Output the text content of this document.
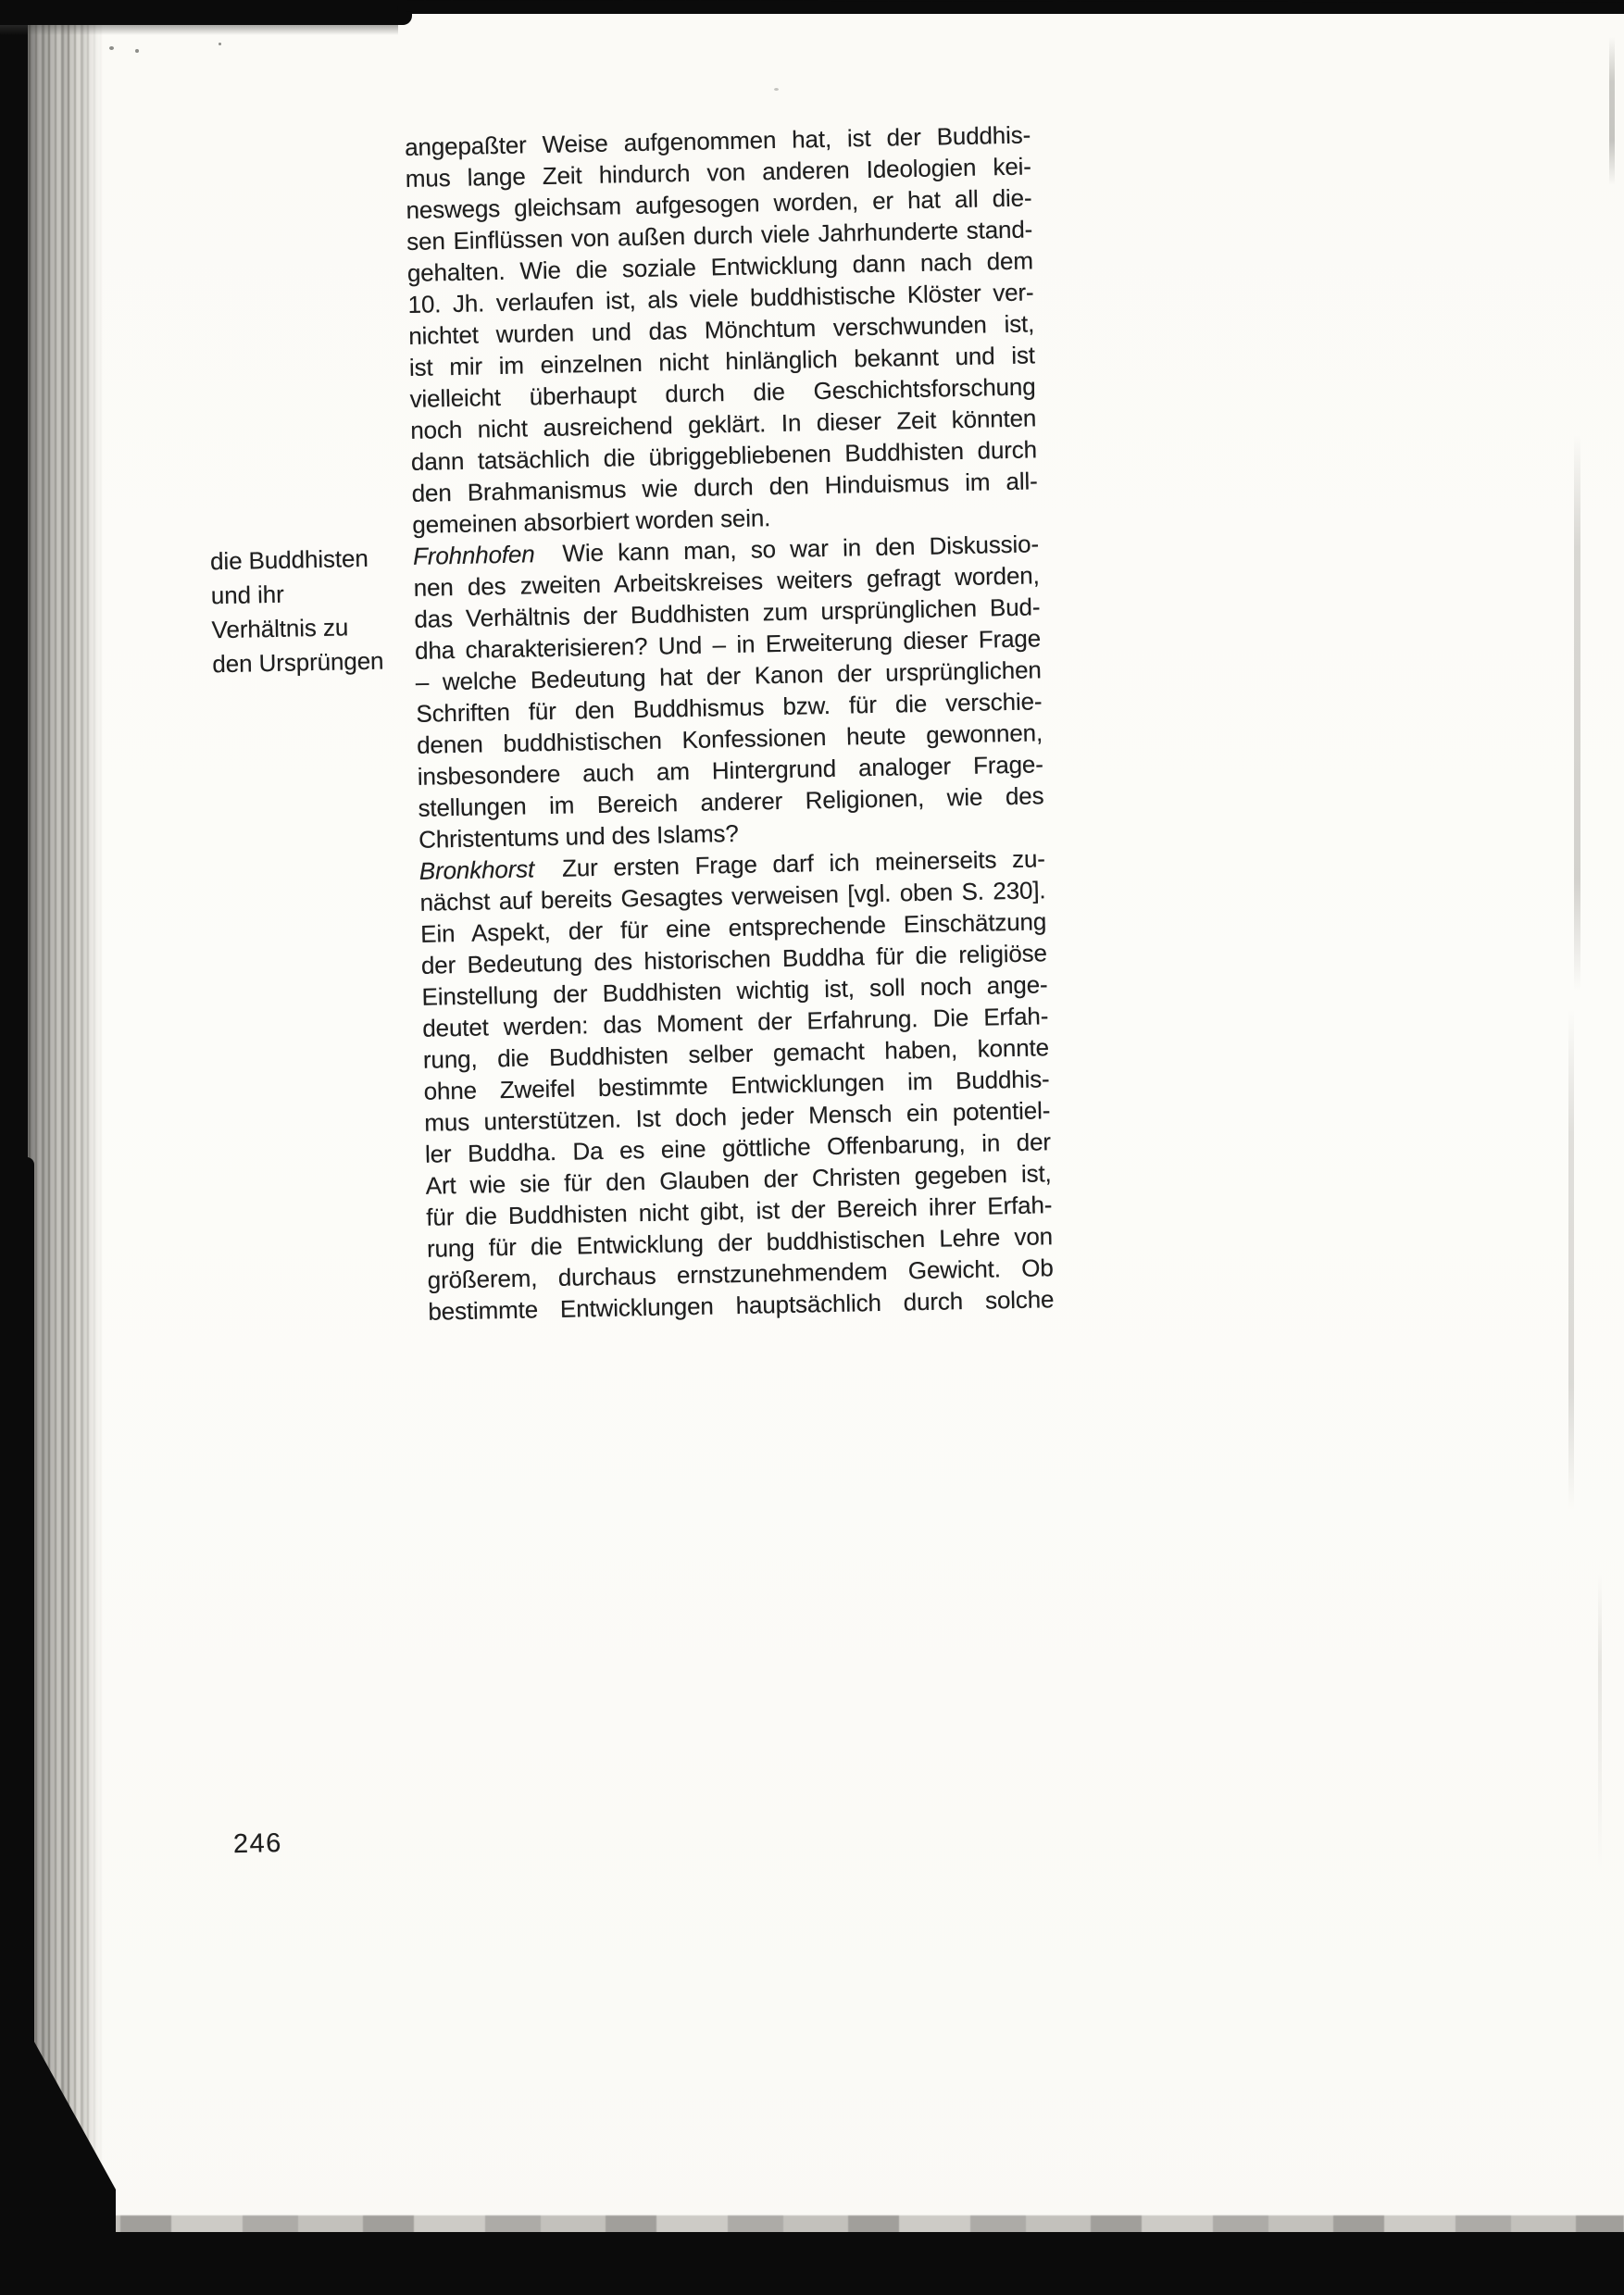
die Buddhisten
und ihr
Verhältnis zu
den Ursprüngen
angepaßter Weise aufgenommen hat, ist der Buddhis-
mus lange Zeit hindurch von anderen Ideologien kei-
neswegs gleichsam aufgesogen worden, er hat all die-
sen Einflüssen von außen durch viele Jahrhunderte stand-
gehalten. Wie die soziale Entwicklung dann nach dem
10. Jh. verlaufen ist, als viele buddhistische Klöster ver-
nichtet wurden und das Mönchtum verschwunden ist,
ist mir im einzelnen nicht hinlänglich bekannt und ist
vielleicht überhaupt durch die Geschichtsforschung
noch nicht ausreichend geklärt. In dieser Zeit könnten
dann tatsächlich die übriggebliebenen Buddhisten durch
den Brahmanismus wie durch den Hinduismus im all-
gemeinen absorbiert worden sein.
Frohnhofen Wie kann man, so war in den Diskussio-
nen des zweiten Arbeitskreises weiters gefragt worden,
das Verhältnis der Buddhisten zum ursprünglichen Bud-
dha charakterisieren? Und – in Erweiterung dieser Frage
– welche Bedeutung hat der Kanon der ursprünglichen
Schriften für den Buddhismus bzw. für die verschie-
denen buddhistischen Konfessionen heute gewonnen,
insbesondere auch am Hintergrund analoger Frage-
stellungen im Bereich anderer Religionen, wie des
Christentums und des Islams?
Bronkhorst Zur ersten Frage darf ich meinerseits zu-
nächst auf bereits Gesagtes verweisen [vgl. oben S. 230].
Ein Aspekt, der für eine entsprechende Einschätzung
der Bedeutung des historischen Buddha für die religiöse
Einstellung der Buddhisten wichtig ist, soll noch ange-
deutet werden: das Moment der Erfahrung. Die Erfah-
rung, die Buddhisten selber gemacht haben, konnte
ohne Zweifel bestimmte Entwicklungen im Buddhis-
mus unterstützen. Ist doch jeder Mensch ein potentiel-
ler Buddha. Da es eine göttliche Offenbarung, in der
Art wie sie für den Glauben der Christen gegeben ist,
für die Buddhisten nicht gibt, ist der Bereich ihrer Erfah-
rung für die Entwicklung der buddhistischen Lehre von
größerem, durchaus ernstzunehmendem Gewicht. Ob
bestimmte Entwicklungen hauptsächlich durch solche
246
